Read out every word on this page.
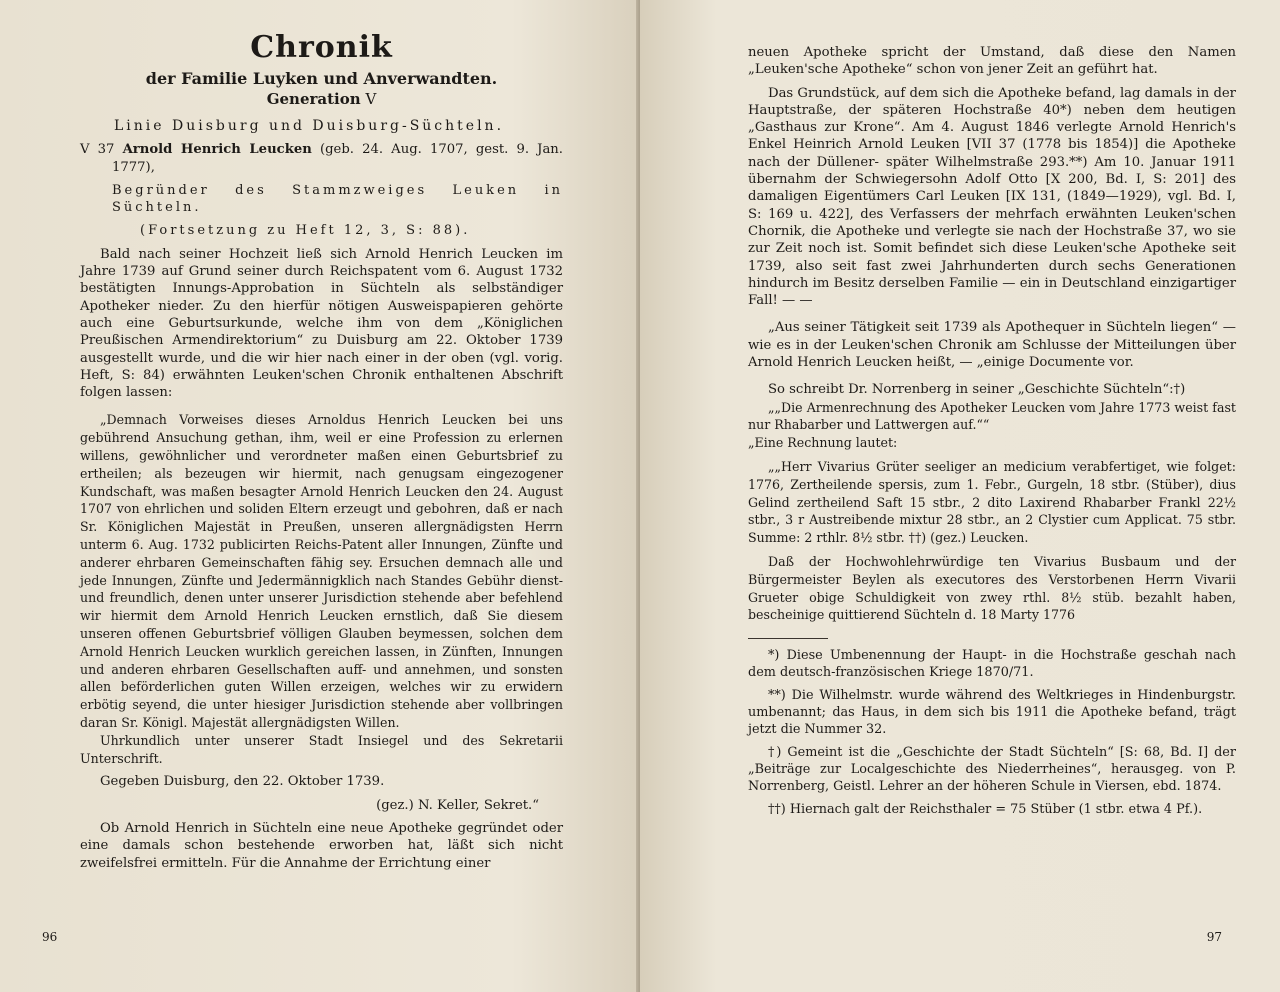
Chronik
der Familie Luyken und Anverwandten.
Generation V

Linie Duisburg und Duisburg-Süchteln.

V 37 Arnold Henrich Leucken (geb. 24. Aug. 1707, gest. 9. Jan. 1777),

Begründer des Stammzweiges Leuken in Süchteln.

(Fortsetzung zu Heft 12, 3, S: 88).

Bald nach seiner Hochzeit ließ sich Arnold Henrich Leucken im Jahre 1739 auf Grund seiner durch Reichspatent vom 6. August 1732 bestätigten Innungs-Approbation in Süchteln als selbständiger Apotheker nieder. Zu den hierfür nötigen Ausweispapieren gehörte auch eine Geburtsurkunde, welche ihm von dem „Königlichen Preußischen Armendirektorium“ zu Duisburg am 22. Oktober 1739 ausgestellt wurde, und die wir hier nach einer in der oben (vgl. vorig. Heft, S: 84) erwähnten Leuken'schen Chronik enthaltenen Abschrift folgen lassen:

„Demnach Vorweises dieses Arnoldus Henrich Leucken bei uns gebührend Ansuchung gethan, ihm, weil er eine Profession zu erlernen willens, gewöhnlicher und verordneter maßen einen Geburtsbrief zu ertheilen; als bezeugen wir hiermit, nach genugsam eingezogener Kundschaft, was maßen besagter Arnold Henrich Leucken den 24. August 1707 von ehrlichen und soliden Eltern erzeugt und gebohren, daß er nach Sr. Königlichen Majestät in Preußen, unseren allergnädigsten Herrn unterm 6. Aug. 1732 publicirten Reichs-Patent aller Innungen, Zünfte und anderer ehrbaren Gemeinschaften fähig sey. Ersuchen demnach alle und jede Innungen, Zünfte und Jedermännigklich nach Standes Gebühr dienst- und freundlich, denen unter unserer Jurisdiction stehende aber befehlend wir hiermit dem Arnold Henrich Leucken ernstlich, daß Sie diesem unseren offenen Geburtsbrief völligen Glauben beymessen, solchen dem Arnold Henrich Leucken wurklich gereichen lassen, in Zünften, Innungen und anderen ehrbaren Gesellschaften auff- und annehmen, und sonsten allen beförderlichen guten Willen erzeigen, welches wir zu erwidern erbötig seyend, die unter hiesiger Jurisdiction stehende aber vollbringen daran Sr. Königl. Majestät allergnädigsten Willen.

Uhrkundlich unter unserer Stadt Insiegel und des Sekretarii Unterschrift.

Gegeben Duisburg, den 22. Oktober 1739.

(gez.) N. Keller, Sekret.“

Ob Arnold Henrich in Süchteln eine neue Apotheke gegründet oder eine damals schon bestehende erworben hat, läßt sich nicht zweifelsfrei ermitteln. Für die Annahme der Errichtung einer

96

neuen Apotheke spricht der Umstand, daß diese den Namen „Leuken'sche Apotheke“ schon von jener Zeit an geführt hat.

Das Grundstück, auf dem sich die Apotheke befand, lag damals in der Hauptstraße, der späteren Hochstraße 40*) neben dem heutigen „Gasthaus zur Krone“. Am 4. August 1846 verlegte Arnold Henrich's Enkel Heinrich Arnold Leuken [VII 37 (1778 bis 1854)] die Apotheke nach der Düllener- später Wilhelmstraße 293.**) Am 10. Januar 1911 übernahm der Schwiegersohn Adolf Otto [X 200, Bd. I, S: 201] des damaligen Eigentümers Carl Leuken [IX 131, (1849—1929), vgl. Bd. I, S: 169 u. 422], des Verfassers der mehrfach erwähnten Leuken'schen Chornik, die Apotheke und verlegte sie nach der Hochstraße 37, wo sie zur Zeit noch ist. Somit befindet sich diese Leuken'sche Apotheke seit 1739, also seit fast zwei Jahrhunderten durch sechs Generationen hindurch im Besitz derselben Familie — ein in Deutschland einzigartiger Fall! — —

„Aus seiner Tätigkeit seit 1739 als Apothequer in Süchteln liegen“ — wie es in der Leuken'schen Chronik am Schlusse der Mitteilungen über Arnold Henrich Leucken heißt, — „einige Documente vor.

So schreibt Dr. Norrenberg in seiner „Geschichte Süchteln“:†)

„„Die Armenrechnung des Apotheker Leucken vom Jahre 1773 weist fast nur Rhabarber und Lattwergen auf.““

„Eine Rechnung lautet:

„„Herr Vivarius Grüter seeliger an medicium verabfertiget, wie folget: 1776, Zertheilende spersis, zum 1. Febr., Gurgeln, 18 stbr. (Stüber), dius Gelind zertheilend Saft 15 stbr., 2 dito Laxirend Rhabarber Frankl 22½ stbr., 3 r Austreibende mixtur 28 stbr., an 2 Clystier cum Applicat. 75 stbr. Summe: 2 rthlr. 8½ stbr. ††) (gez.) Leucken.

Daß der Hochwohlehrwürdige ten Vivarius Busbaum und der Bürgermeister Beylen als executores des Verstorbenen Herrn Vivarii Grueter obige Schuldigkeit von zwey rthl. 8½ stüb. bezahlt haben, bescheinige quittierend Süchteln d. 18 Marty 1776

*) Diese Umbenennung der Haupt- in die Hochstraße geschah nach dem deutsch-französischen Kriege 1870/71.

**) Die Wilhelmstr. wurde während des Weltkrieges in Hindenburgstr. umbenannt; das Haus, in dem sich bis 1911 die Apotheke befand, trägt jetzt die Nummer 32.

†) Gemeint ist die „Geschichte der Stadt Süchteln“ [S: 68, Bd. I] der „Beiträge zur Localgeschichte des Niederrheines“, herausgeg. von P. Norrenberg, Geistl. Lehrer an der höheren Schule in Viersen, ebd. 1874.

††) Hiernach galt der Reichsthaler = 75 Stüber (1 stbr. etwa 4 Pf.).

97
